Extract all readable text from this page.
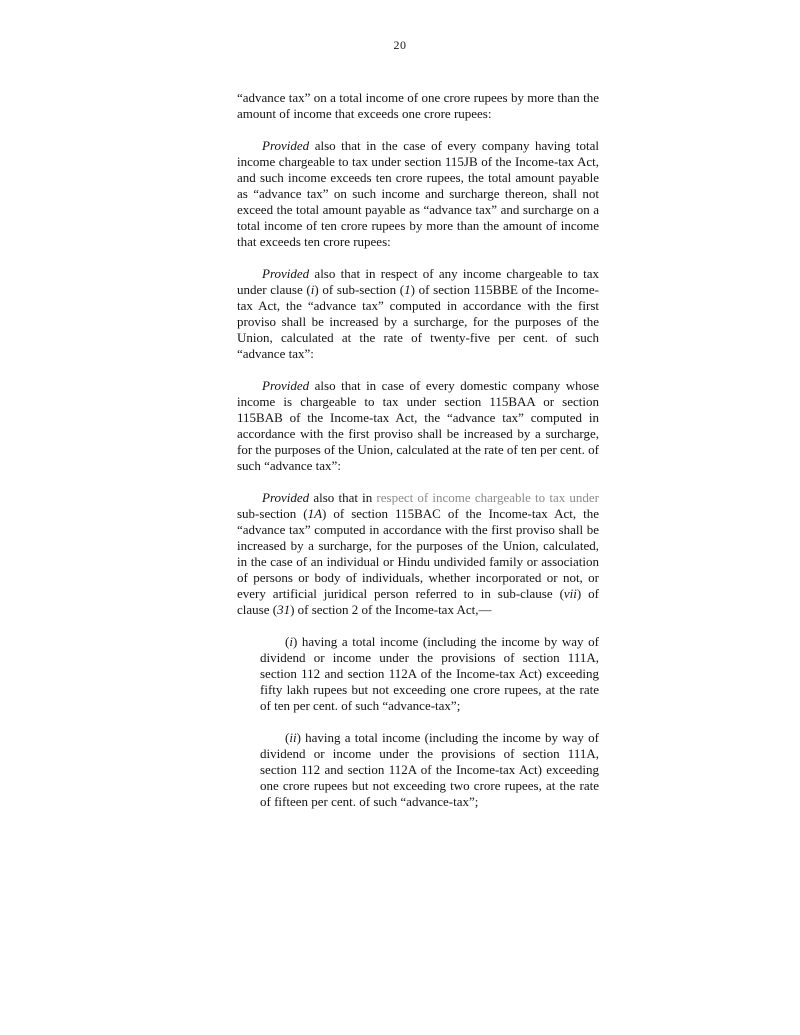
20

“advance tax” on a total income of one crore rupees by more than the amount of income that exceeds one crore rupees:

Provided also that in the case of every company having total income chargeable to tax under section 115JB of the Income-tax Act, and such income exceeds ten crore rupees, the total amount payable as “advance tax” on such income and surcharge thereon, shall not exceed the total amount payable as “advance tax” and surcharge on a total income of ten crore rupees by more than the amount of income that exceeds ten crore rupees:

Provided also that in respect of any income chargeable to tax under clause (i) of sub-section (1) of section 115BBE of the Income-tax Act, the “advance tax” computed in accordance with the first proviso shall be increased by a surcharge, for the purposes of the Union, calculated at the rate of twenty-five per cent. of such “advance tax”:

Provided also that in case of every domestic company whose income is chargeable to tax under section 115BAA or section 115BAB of the Income-tax Act, the “advance tax” computed in accordance with the first proviso shall be increased by a surcharge, for the purposes of the Union, calculated at the rate of ten per cent. of such “advance tax”:

Provided also that in respect of income chargeable to tax under sub-section (1A) of section 115BAC of the Income-tax Act, the “advance tax” computed in accordance with the first proviso shall be increased by a surcharge, for the purposes of the Union, calculated, in the case of an individual or Hindu undivided family or association of persons or body of individuals, whether incorporated or not, or every artificial juridical person referred to in sub-clause (vii) of clause (31) of section 2 of the Income-tax Act,—

(i) having a total income (including the income by way of dividend or income under the provisions of section 111A, section 112 and section 112A of the Income-tax Act) exceeding fifty lakh rupees but not exceeding one crore rupees, at the rate of ten per cent. of such “advance-tax”;

(ii) having a total income (including the income by way of dividend or income under the provisions of section 111A, section 112 and section 112A of the Income-tax Act) exceeding one crore rupees but not exceeding two crore rupees, at the rate of fifteen per cent. of such “advance-tax”;
